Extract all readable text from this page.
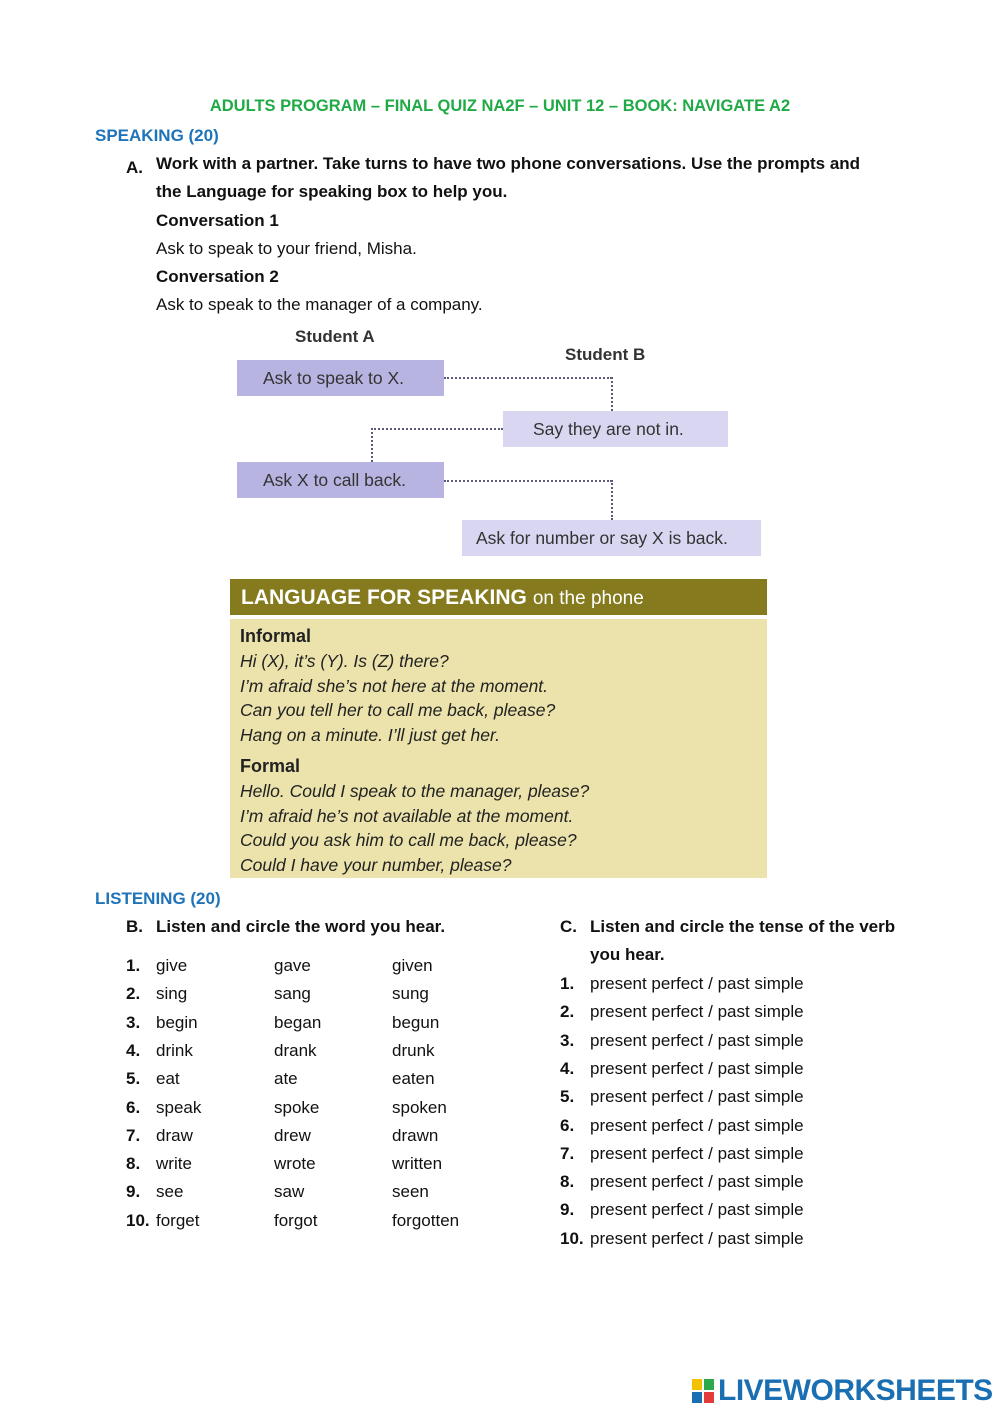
ADULTS PROGRAM – FINAL QUIZ NA2F – UNIT 12 – BOOK: NAVIGATE A2
SPEAKING (20)
A. Work with a partner. Take turns to have two phone conversations. Use the prompts and
the Language for speaking box to help you.
Conversation 1
Ask to speak to your friend, Misha.
Conversation 2
Ask to speak to the manager of a company.
Student A
Student B
Ask to speak to X.
Say they are not in.
Ask X to call back.
Ask for number or say X is back.
LANGUAGE FOR SPEAKING on the phone
Informal
Hi (X), it’s (Y). Is (Z) there?
I’m afraid she’s not here at the moment.
Can you tell her to call me back, please?
Hang on a minute. I’ll just get her.
Formal
Hello. Could I speak to the manager, please?
I’m afraid he’s not available at the moment.
Could you ask him to call me back, please?
Could I have your number, please?
LISTENING (20)
B. Listen and circle the word you hear.
1. give	gave	given
2. sing	sang	sung
3. begin	began	begun
4. drink	drank	drunk
5. eat	ate	eaten
6. speak	spoke	spoken
7. draw	drew	drawn
8. write	wrote	written
9. see	saw	seen
10. forget	forgot	forgotten
C. Listen and circle the tense of the verb
you hear.
1. present perfect / past simple
2. present perfect / past simple
3. present perfect / past simple
4. present perfect / past simple
5. present perfect / past simple
6. present perfect / past simple
7. present perfect / past simple
8. present perfect / past simple
9. present perfect / past simple
10. present perfect / past simple
LIVEWORKSHEETS
